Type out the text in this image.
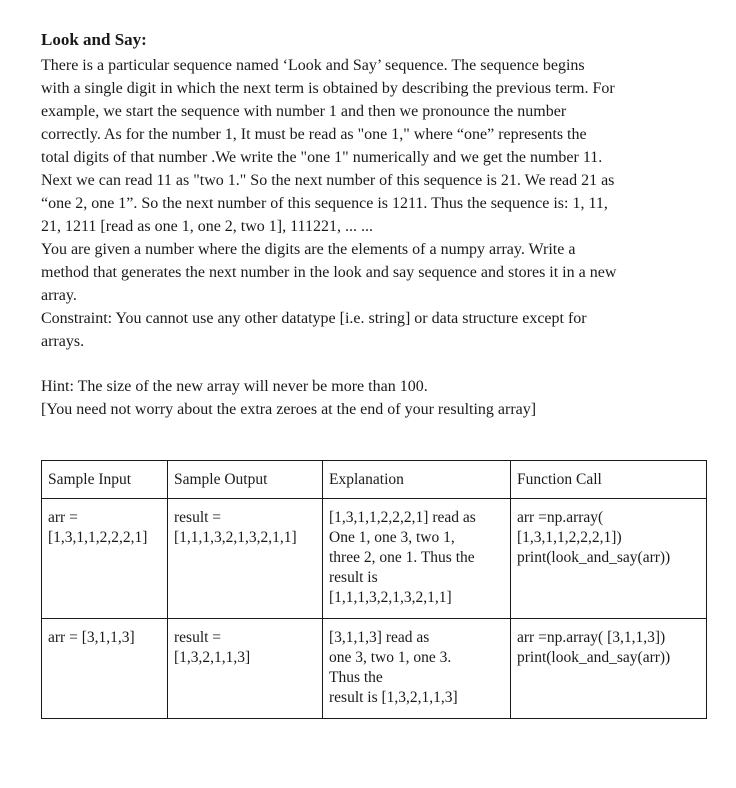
Look and Say:

There is a particular sequence named ‘Look and Say’ sequence. The sequence begins
with a single digit in which the next term is obtained by describing the previous term. For
example, we start the sequence with number 1 and then we pronounce the number
correctly. As for the number 1, It must be read as "one 1," where “one” represents the
total digits of that number .We write the "one 1" numerically and we get the number 11.
Next we can read 11 as "two 1." So the next number of this sequence is 21. We read 21 as
“one 2, one 1”. So the next number of this sequence is 1211. Thus the sequence is: 1, 11,
21, 1211 [read as one 1, one 2, two 1], 111221, ... ...

You are given a number where the digits are the elements of a numpy array. Write a
method that generates the next number in the look and say sequence and stores it in a new
array.

Constraint: You cannot use any other datatype [i.e. string] or data structure except for
arrays.

Hint: The size of the new array will never be more than 100.

[You need not worry about the extra zeroes at the end of your resulting array]

Sample Input	Sample Output	Explanation	Function Call
arr =
[1,3,1,1,2,2,2,1]	result =
[1,1,1,3,2,1,3,2,1,1]	[1,3,1,1,2,2,2,1] read as
One 1, one 3, two 1,
three 2, one 1. Thus the
result is
[1,1,1,3,2,1,3,2,1,1]	arr =np.array(
[1,3,1,1,2,2,2,1])
print(look_and_say(arr))
arr = [3,1,1,3]	result =
[1,3,2,1,1,3]	[3,1,1,3] read as
one 3, two 1, one 3.
Thus the
result is [1,3,2,1,1,3]	arr =np.array( [3,1,1,3])
print(look_and_say(arr))
